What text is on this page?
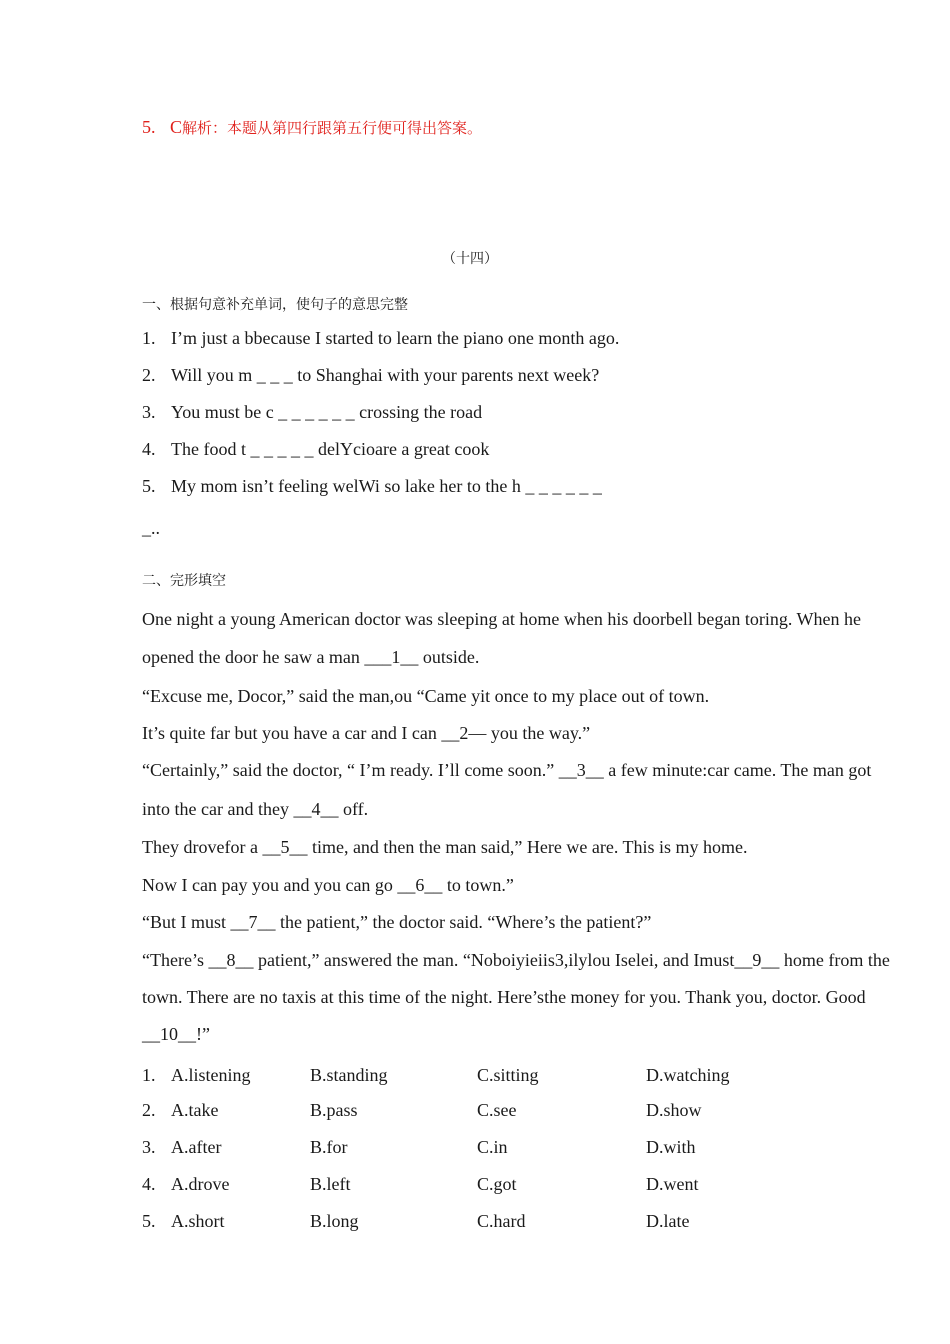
5. C解析：本题从第四行跟第五行便可得出答案。
（十四）
一、根据句意补充单词，使句子的意思完整
1. I’m just a bbecause I started to learn the piano one month ago.
2. Will you m _ _ _ to Shanghai with your parents next week?
3. You must be c _ _ _ _ _ _ crossing the road
4. The food t _ _ _ _ _ delYcioare a great cook
5. My mom isn’t feeling welWi so lake her to the h _ _ _ _ _ _
_..
二、完形填空
One night a young American doctor was sleeping at home when his doorbell began toring. When he
opened the door he saw a man ___1__ outside.
“Excuse me, Docor,” said the man,ou “Came yit once to my place out of town.
It’s quite far but you have a car and I can __2— you the way.”
“Certainly,” said the doctor, “ I’m ready. I’ll come soon.” __3__ a few minute:car came. The man got
into the car and they __4__ off.
They drovefor a __5__ time, and then the man said,” Here we are. This is my home.
Now I can pay you and you can go __6__ to town.”
“But I must __7__ the patient,” the doctor said. “Where’s the patient?”
“There’s __8__ patient,” answered the man. “Noboiyieiis3,ilylou Iselei, and Imust__9__ home from the
town. There are no taxis at this time of the night. Here’sthe money for you. Thank you, doctor. Good
__10__!”
1. A.listening	B.standing	C.sitting	D.watching
2. A.take	B.pass	C.see	D.show
3. A.after	B.for	C.in	D.with
4. A.drove	B.left	C.got	D.went
5. A.short	B.long	C.hard	D.late
